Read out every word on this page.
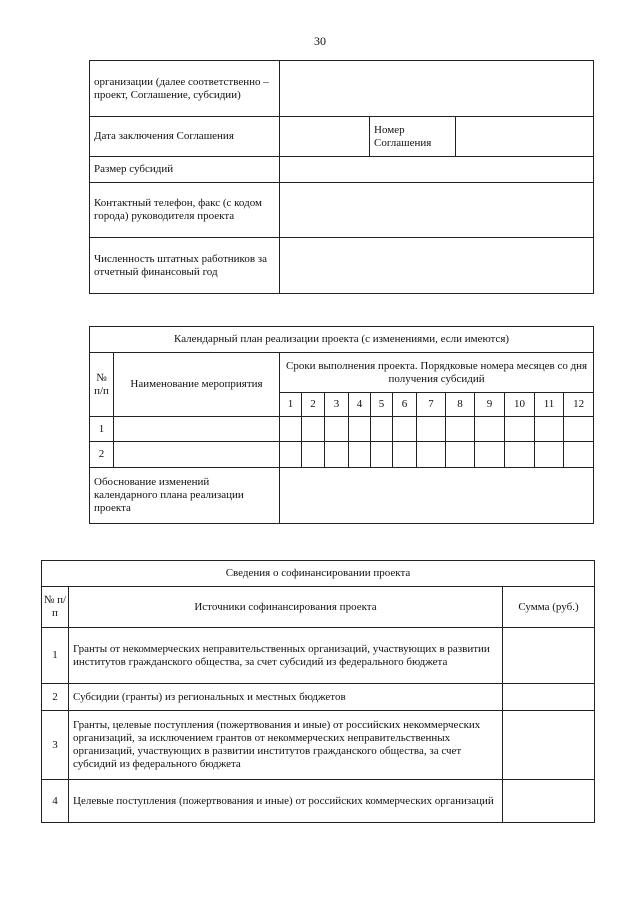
30
организации (далее соответственно – проект, Соглашение, субсидии)			
Дата заключения Соглашения		Номер Соглашения	
Размер субсидий			
Контактный телефон, факс (с кодом города) руководителя проекта			
Численность штатных работников за отчетный финансовый год			
Календарный план реализации проекта (с изменениями, если имеются)													
№ п/п	Наименование мероприятия	Сроки выполнения проекта. Порядковые номера месяцев со дня получения субсидий											
		1	2	3	4	5	6	7	8	9	10	11	12
1													
2													
Обоснование изменений календарного плана реализации проекта													
Сведения о софинансировании проекта		
№ п/п	Источники софинансирования проекта	Сумма (руб.)
1	Гранты от некоммерческих неправительственных организаций, участвующих в развитии институтов гражданского общества, за счет субсидий из федерального бюджета	
2	Субсидии (гранты) из региональных и местных бюджетов	
3	Гранты, целевые поступления (пожертвования и иные) от российских некоммерческих организаций, за исключением грантов от некоммерческих неправительственных организаций, участвующих в развитии институтов гражданского общества, за счет субсидий из федерального бюджета	
4	Целевые поступления (пожертвования и иные) от российских коммерческих организаций	
